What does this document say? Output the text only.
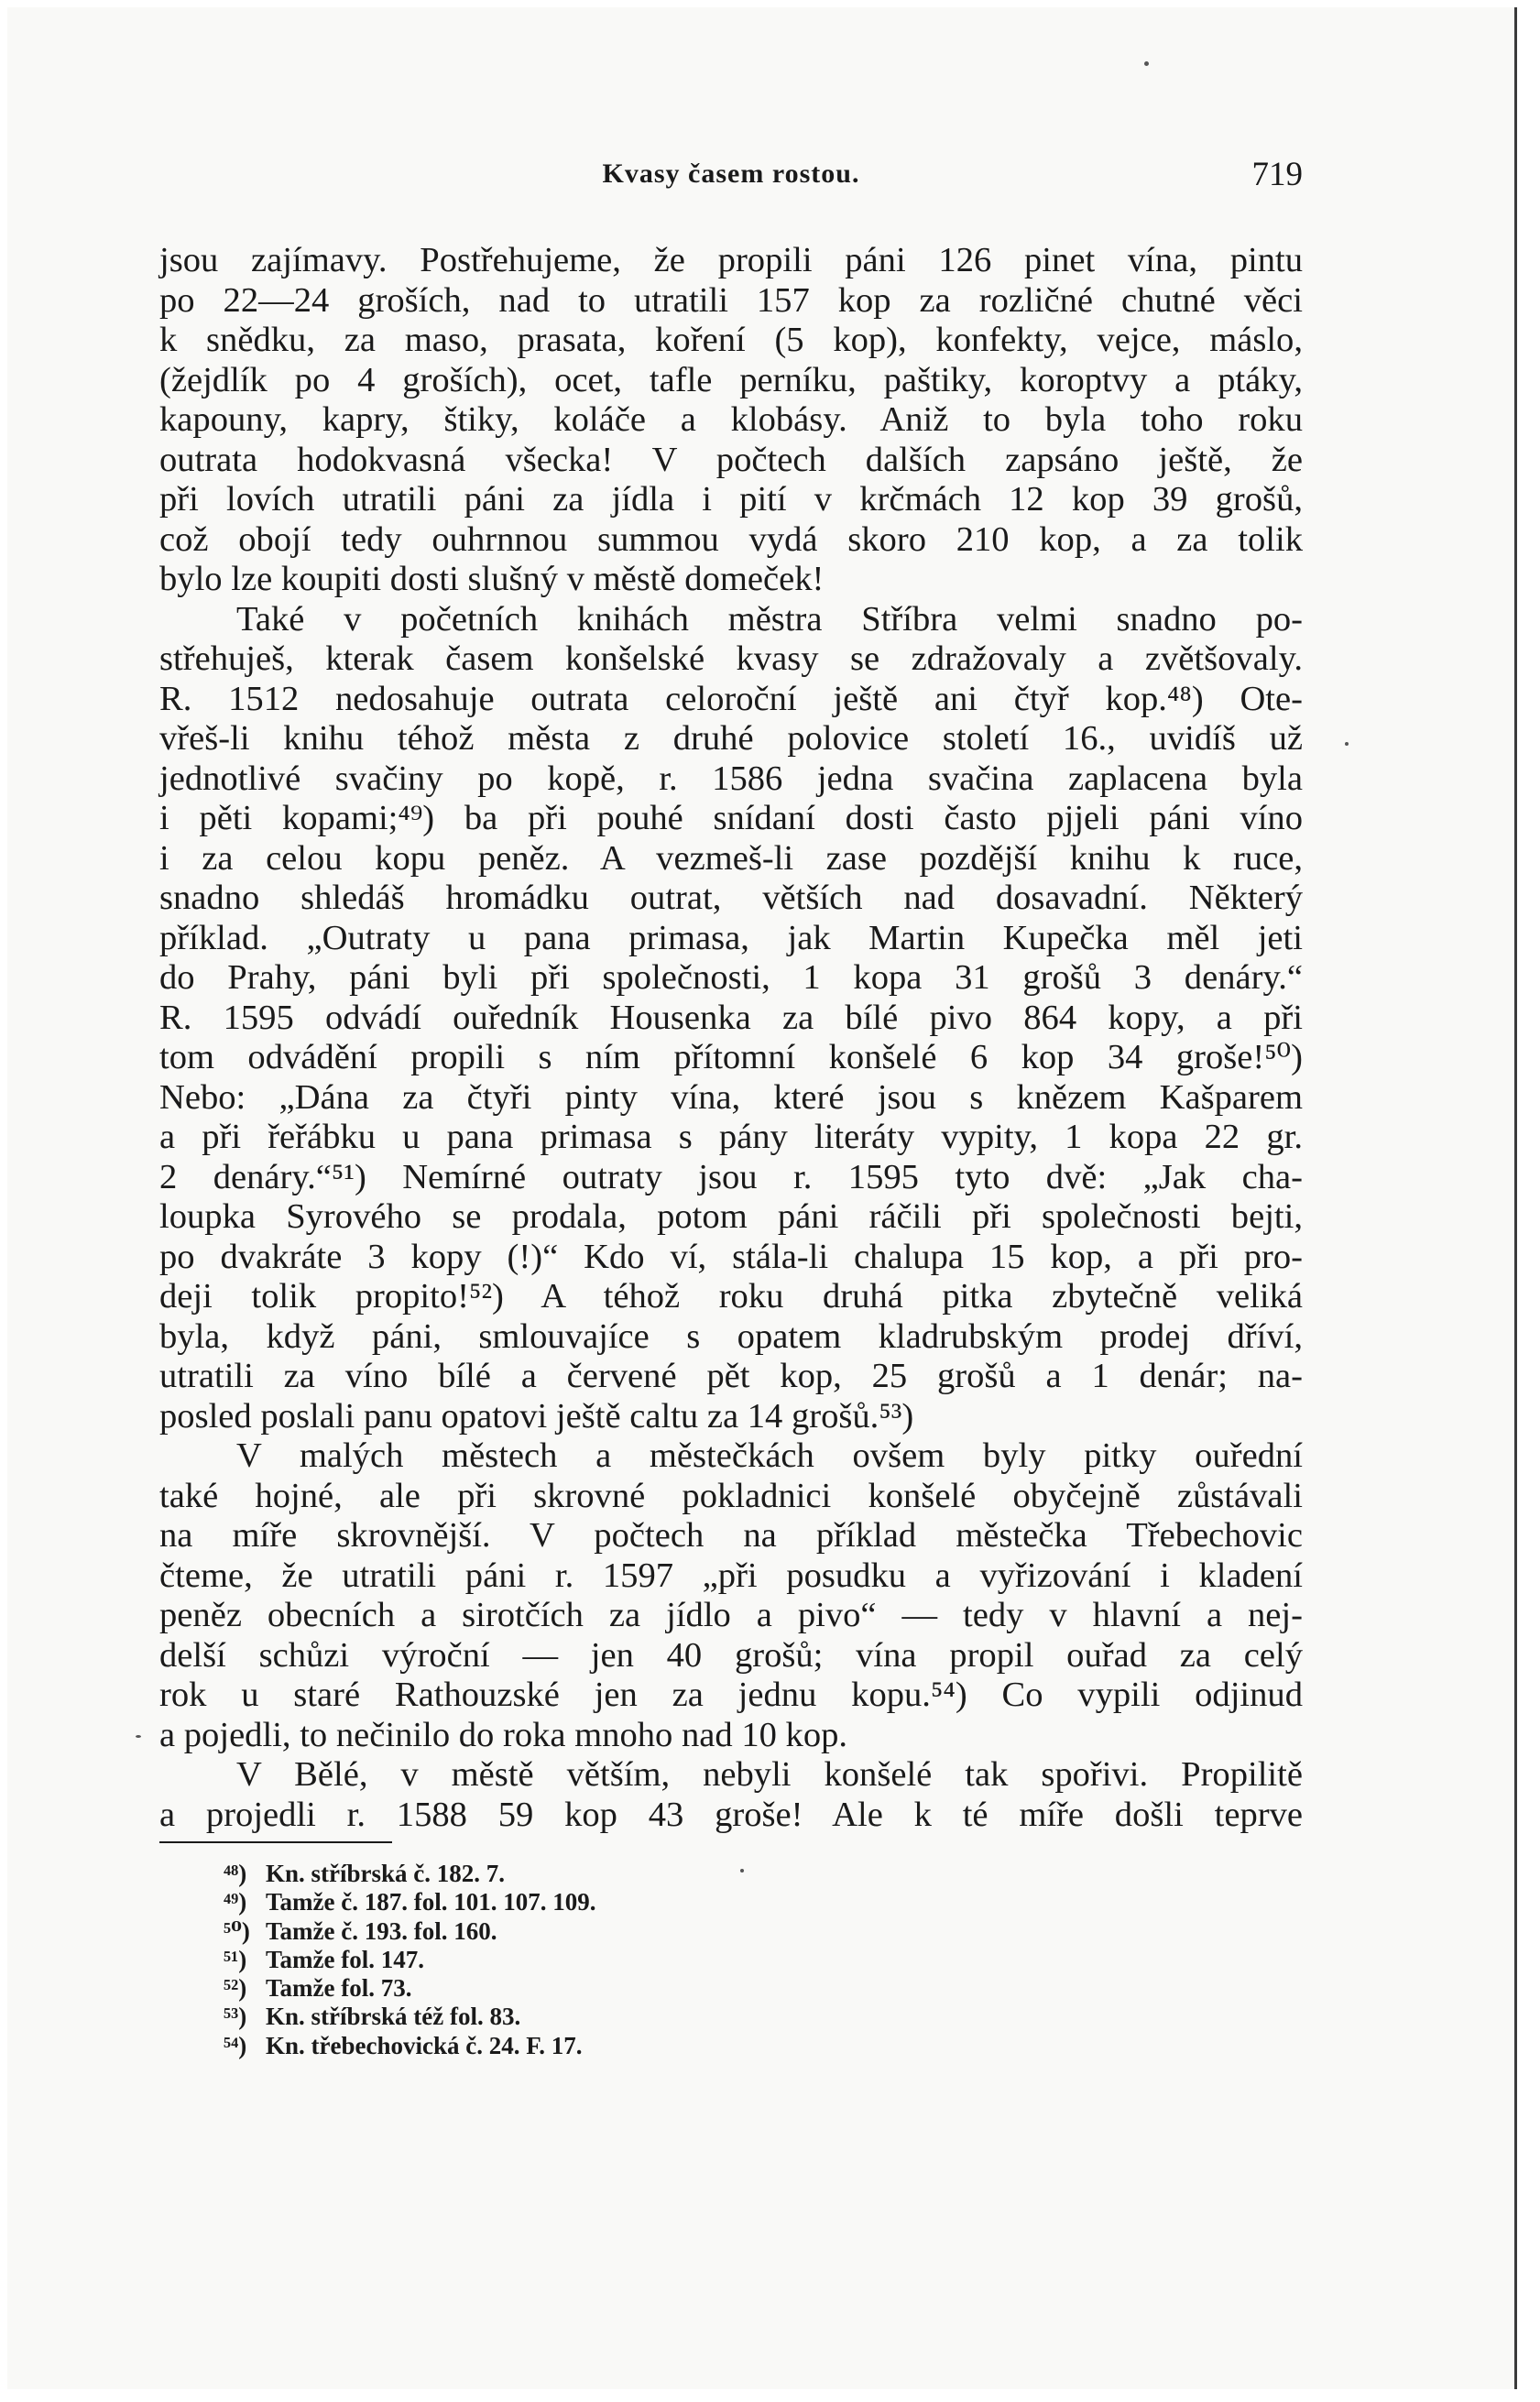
Kvasy časem rostou.	719
jsou zajímavy. Postřehujeme, že propili páni 126 pinet vína, pintu
po 22—24 groších, nad to utratili 157 kop za rozličné chutné věci
k snědku, za maso, prasata, koření (5 kop), konfekty, vejce, máslo,
(žejdlík po 4 groších), ocet, tafle perníku, paštiky, koroptvy a ptáky,
kapouny, kapry, štiky, koláče a klobásy. Aniž to byla toho roku
outrata hodokvasná všecka! V počtech dalších zapsáno ještě, že
při lovích utratili páni za jídla i pití v krčmách 12 kop 39 grošů,
což obojí tedy ouhrnnou summou vydá skoro 210 kop, a za tolik
bylo lze koupiti dosti slušný v městě domeček!
Také v početních knihách městra Stříbra velmi snadno po-
střehuješ, kterak časem konšelské kvasy se zdražovaly a zvětšovaly.
R. 1512 nedosahuje outrata celoroční ještě ani čtyř kop.⁴⁸) Ote-
vřeš-li knihu téhož města z druhé polovice století 16., uvidíš už
jednotlivé svačiny po kopě, r. 1586 jedna svačina zaplacena byla
i pěti kopami;⁴⁹) ba při pouhé snídaní dosti často pjjeli páni víno
i za celou kopu peněz. A vezmeš-li zase pozdější knihu k ruce,
snadno shledáš hromádku outrat, větších nad dosavadní. Některý
příklad. „Outraty u pana primasa, jak Martin Kupečka měl jeti
do Prahy, páni byli při společnosti, 1 kopa 31 grošů 3 denáry.“
R. 1595 odvádí ouředník Housenka za bílé pivo 864 kopy, a při
tom odvádění propili s ním přítomní konšelé 6 kop 34 groše!⁵⁰)
Nebo: „Dána za čtyři pinty vína, které jsou s knězem Kašparem
a při řeřábku u pana primasa s pány literáty vypity, 1 kopa 22 gr.
2 denáry.“⁵¹) Nemírné outraty jsou r. 1595 tyto dvě: „Jak cha-
loupka Syrového se prodala, potom páni ráčili při společnosti bejti,
po dvakráte 3 kopy (!)“ Kdo ví, stála-li chalupa 15 kop, a při pro-
deji tolik propito!⁵²) A téhož roku druhá pitka zbytečně veliká
byla, když páni, smlouvajíce s opatem kladrubským prodej dříví,
utratili za víno bílé a červené pět kop, 25 grošů a 1 denár; na-
posled poslali panu opatovi ještě caltu za 14 grošů.⁵³)
V malých městech a městečkách ovšem byly pitky ouřední
také hojné, ale při skrovné pokladnici konšelé obyčejně zůstávali
na míře skrovnější. V počtech na příklad městečka Třebechovic
čteme, že utratili páni r. 1597 „při posudku a vyřizování i kladení
peněz obecních a sirotčích za jídlo a pivo“ — tedy v hlavní a nej-
delší schůzi výroční — jen 40 grošů; vína propil ouřad za celý
rok u staré Rathouzské jen za jednu kopu.⁵⁴) Co vypili odjinud
a pojedli, to nečinilo do roka mnoho nad 10 kop.
V Bělé, v městě větším, nebyli konšelé tak spořivi. Propilitě
a projedli r. 1588 59 kop 43 groše! Ale k té míře došli teprve
⁴⁸) Kn. stříbrská č. 182. 7.
⁴⁹) Tamže č. 187. fol. 101. 107. 109.
⁵⁰) Tamže č. 193. fol. 160.
⁵¹) Tamže fol. 147.
⁵²) Tamže fol. 73.
⁵³) Kn. stříbrská též fol. 83.
⁵⁴) Kn. třebechovická č. 24. F. 17.
